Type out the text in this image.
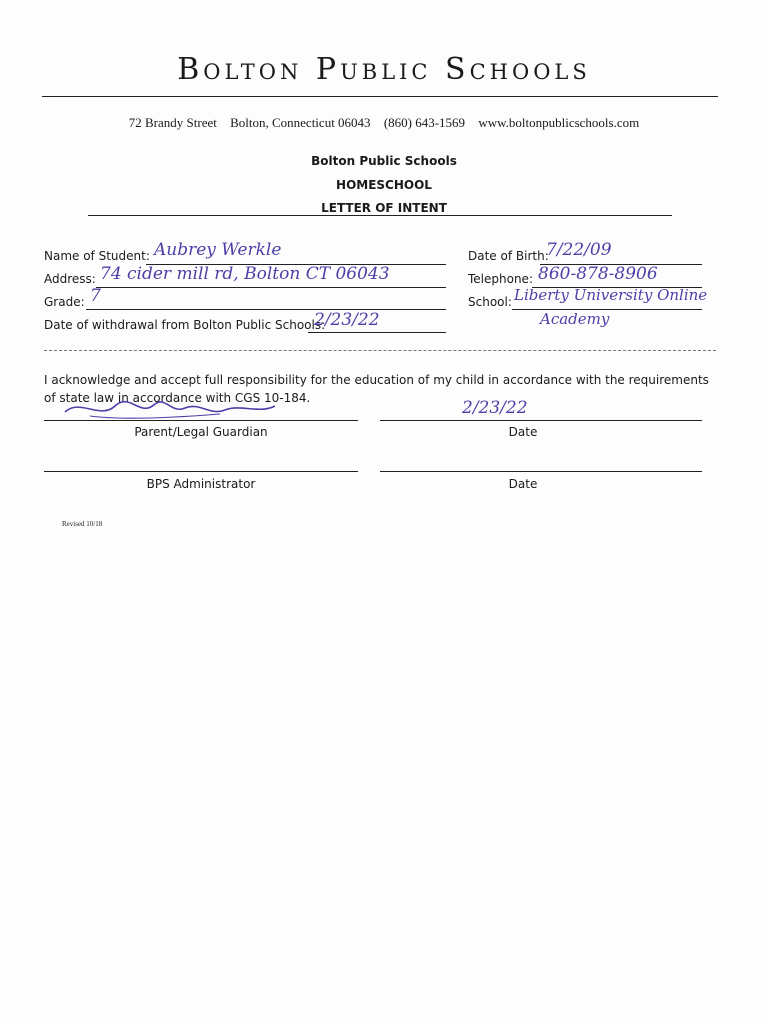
Bolton Public Schools
72 Brandy Street Bolton, Connecticut 06043 (860) 643-1569 www.boltonpublicschools.com
Bolton Public Schools
HOMESCHOOL
LETTER OF INTENT
Name of Student: Aubrey Werkle
Address: 74 cider mill rd, Bolton CT 06043
Grade: 7
Date of withdrawal from Bolton Public Schools:
2/23/22
Date of Birth:
7/22/09
Telephone: 860-878-8906
School: Liberty University Online
Academy
I acknowledge and accept full responsibility for the education of my child in accordance with the requirements of state law in accordance with CGS 10-184.
Parent/Legal Guardian
2/23/22
Date
BPS Administrator	Date
Revised 10/18
